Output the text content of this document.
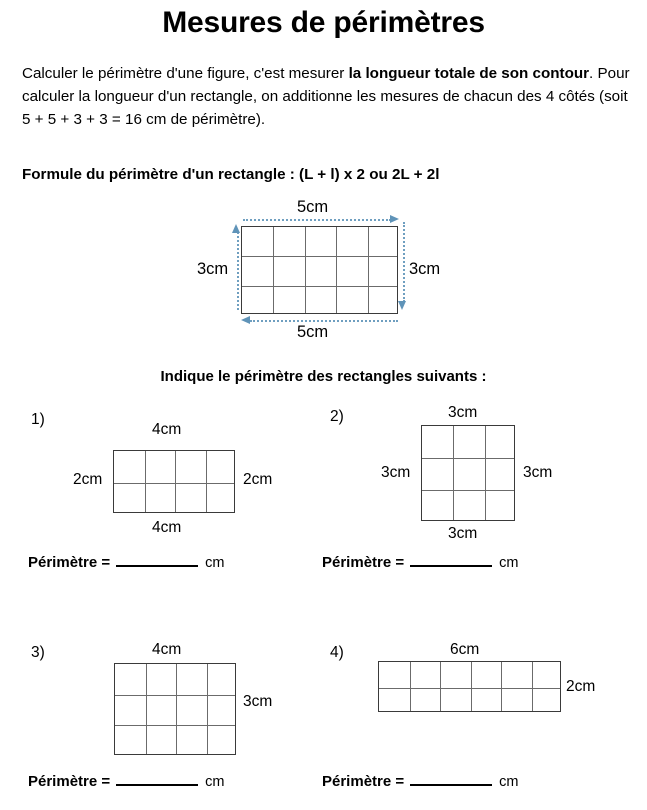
Mesures de périmètres
Calculer le périmètre d'une figure, c'est mesurer la longueur totale de son contour. Pour calculer la longueur d'un rectangle, on additionne les mesures de chacun des 4 côtés (soit 5 + 5 + 3 + 3 = 16 cm de périmètre).
Formule du périmètre d'un rectangle : (L + l) x 2 ou 2L + 2l
5cm
3cm	3cm
5cm
Indique le périmètre des rectangles suivants :
1)
4cm
2cm	2cm
4cm
Périmètre =	cm
2)	3cm
3cm	3cm
3cm
Périmètre =	cm
3)	4cm
3cm
Périmètre =	cm
4)	6cm
2cm
Périmètre =	cm
